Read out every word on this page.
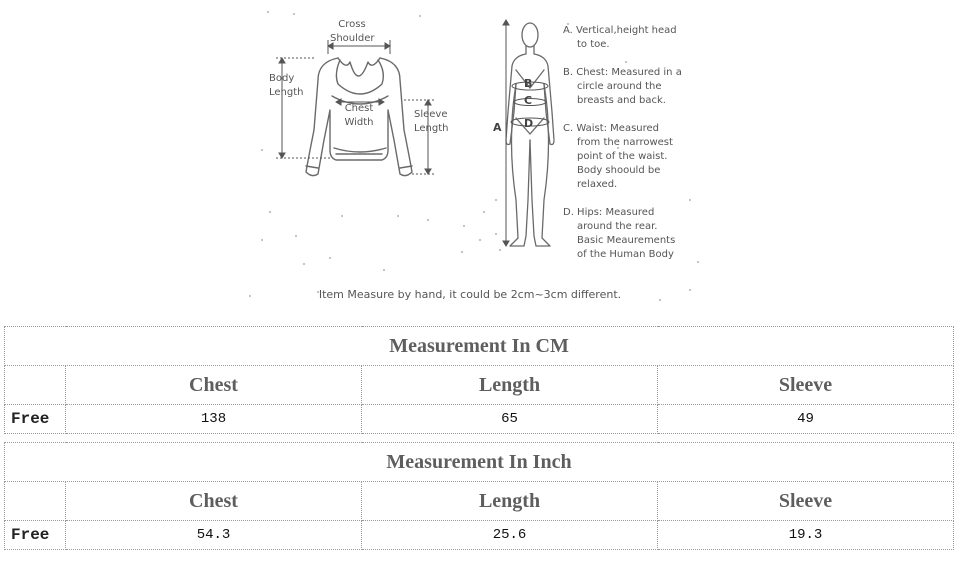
Cross
Shoulder
Body
Length
Chest
Width
Sleeve
Length
B
C
D
A
A. Vertical,height head
to toe.
B. Chest: Measured in a
circle around the
breasts and back.
C. Waist: Measured
from the narrowest
point of the waist.
Body shoould be
relaxed.
D. Hips: Measured
around the rear.
Basic Meaurements
of the Human Body
Item Measure by hand, it could be 2cm~3cm different.
Measurement In CM			
	Chest	Length	Sleeve
Free	138	65	49
Measurement In Inch			
	Chest	Length	Sleeve
Free	54.3	25.6	19.3
